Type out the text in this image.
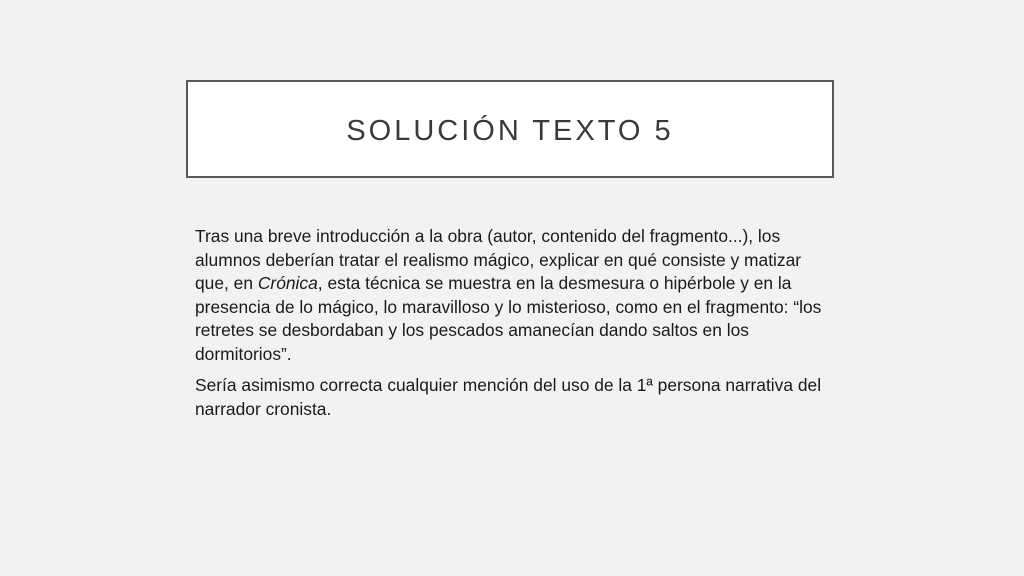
SOLUCIÓN TEXTO 5

Tras una breve introducción a la obra (autor, contenido del fragmento...), los alumnos deberían tratar el realismo mágico, explicar en qué consiste y matizar que, en Crónica, esta técnica se muestra en la desmesura o hipérbole y en la presencia de lo mágico, lo maravilloso y lo misterioso, como en el fragmento: “los retretes se desbordaban y los pescados amanecían dando saltos en los dormitorios”.

Sería asimismo correcta cualquier mención del uso de la 1ª persona narrativa del narrador cronista.
